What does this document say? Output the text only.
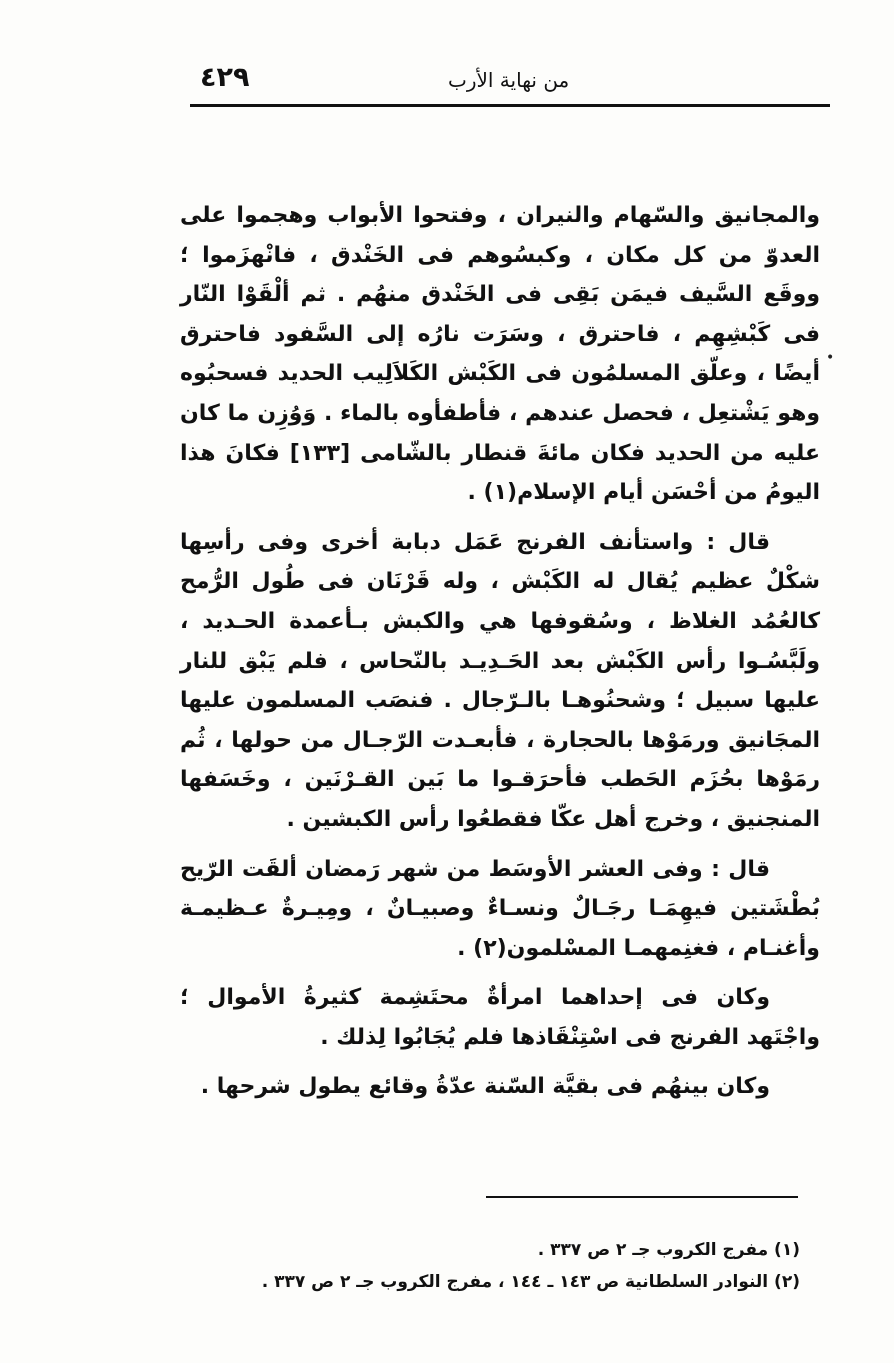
٤٢٩	من نهاية الأرب
•

والمجانيق والسّهام والنيران ، وفتحوا الأبواب وهجموا على العدوّ من كل مكان ، وكبسُوهم فى الخَنْدق ، فانْهزَموا ؛ ووقَع السَّيف فيمَن بَقِى فى الخَنْدق منهُم . ثم ألْقَوْا النّار فى كَبْشِهِم ، فاحترق ، وسَرَت نارُه إلى السَّفود فاحترق أيضًا ، وعلّق المسلمُون فى الكَبْش الكَلاَلِيب الحديد فسحبُوه وهو يَشْتعِل ، فحصل عندهم ، فأطفأوه بالماء . وَوُزِن ما كان عليه من الحديد فكان مائةَ قنطار بالشّامى [١٣٣] فكانَ هذا اليومُ من أحْسَن أيام الإسلام(١) .

قال : واستأنف الفرنج عَمَل دبابة أخرى وفى رأسِها شكْلٌ عظيم يُقال له الكَبْش ، وله قَرْنَان فى طُول الرُّمح كالعُمُد الغلاظ ، وسُقوفها هي والكبش بـأعمدة الحـديد ، ولَبَّسُـوا رأس الكَبْش بعد الحَـدِيـد بالنّحاس ، فلم يَبْق للنار عليها سبيل ؛ وشحنُوهـا بالـرّجال . فنصَب المسلمون عليها المجَانيق ورمَوْها بالحجارة ، فأبعـدت الرّجـال من حولها ، ثُم رمَوْها بحُزَم الحَطب فأحرَقـوا ما بَين القـرْنَين ، وخَسَفها المنجنيق ، وخرج أهل عكّا فقطعُوا رأس الكبشين .

قال : وفى العشر الأوسَط من شهر رَمضان ألقَت الرّيح بُطْشَتين فيهِمَـا رجَـالٌ ونسـاءٌ وصبيـانٌ ، ومِيـرةٌ عـظيمـة وأغنـام ، فغنِمهمـا المسْلمون(٢) .

وكان فى إحداهما امرأةٌ محتَشِمة كثيرةُ الأموال ؛ واجْتَهد الفرنج فى اسْتِنْقَاذها فلم يُجَابُوا لِذلك .

وكان بينهُم فى بقيَّة السّنة عدّةُ وقائع يطول شرحها .

(١) مفرج الكروب جـ ٢ ص ٣٣٧ .

(٢) النوادر السلطانية ص ١٤٣ ـ ١٤٤ ، مفرج الكروب جـ ٢ ص ٣٣٧ .
